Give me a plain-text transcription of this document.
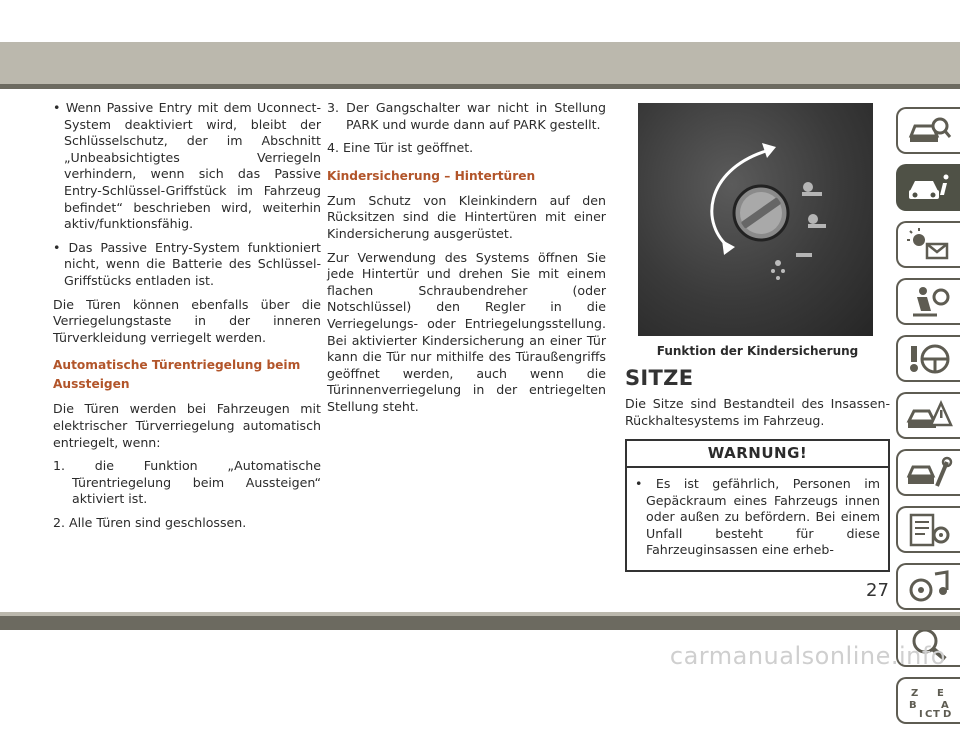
• Wenn Passive Entry mit dem Uconnect-System deaktiviert wird, bleibt der Schlüsselschutz, der im Abschnitt „Unbeabsichtigtes Verriegeln verhindern, wenn sich das Passive Entry-Schlüssel-Griffstück im Fahrzeug befindet“ beschrieben wird, weiterhin aktiv/funktionsfähig.

• Das Passive Entry-System funktioniert nicht, wenn die Batterie des Schlüssel-Griffstücks entladen ist.

Die Türen können ebenfalls über die Verriegelungstaste in der inneren Türverkleidung verriegelt werden.

Automatische Türentriegelung beim Aussteigen

Die Türen werden bei Fahrzeugen mit elektrischer Türverriegelung automatisch entriegelt, wenn:

1. die Funktion „Automatische Türentriegelung beim Aussteigen“ aktiviert ist.

2. Alle Türen sind geschlossen.

3. Der Gangschalter war nicht in Stellung PARK und wurde dann auf PARK gestellt.

4. Eine Tür ist geöffnet.

Kindersicherung – Hintertüren

Zum Schutz von Kleinkindern auf den Rücksitzen sind die Hintertüren mit einer Kindersicherung ausgerüstet.

Zur Verwendung des Systems öffnen Sie jede Hintertür und drehen Sie mit einem flachen Schraubendreher (oder Notschlüssel) den Regler in die Verriegelungs- oder Entriegelungsstellung. Bei aktivierter Kindersicherung an einer Tür kann die Tür nur mithilfe des Türaußengriffs geöffnet werden, auch wenn die Türinnenverriegelung in der entriegelten Stellung steht.

Funktion der Kindersicherung
SITZE

Die Sitze sind Bestandteil des Insassen-Rückhaltesystems im Fahrzeug.

WARNUNG!

• Es ist gefährlich, Personen im Gepäckraum eines Fahrzeugs innen oder außen zu befördern. Bei einem Unfall besteht für diese Fahrzeuginsassen eine erheb-

Z E
B A
I C T D
27
carmanualsonline.info
